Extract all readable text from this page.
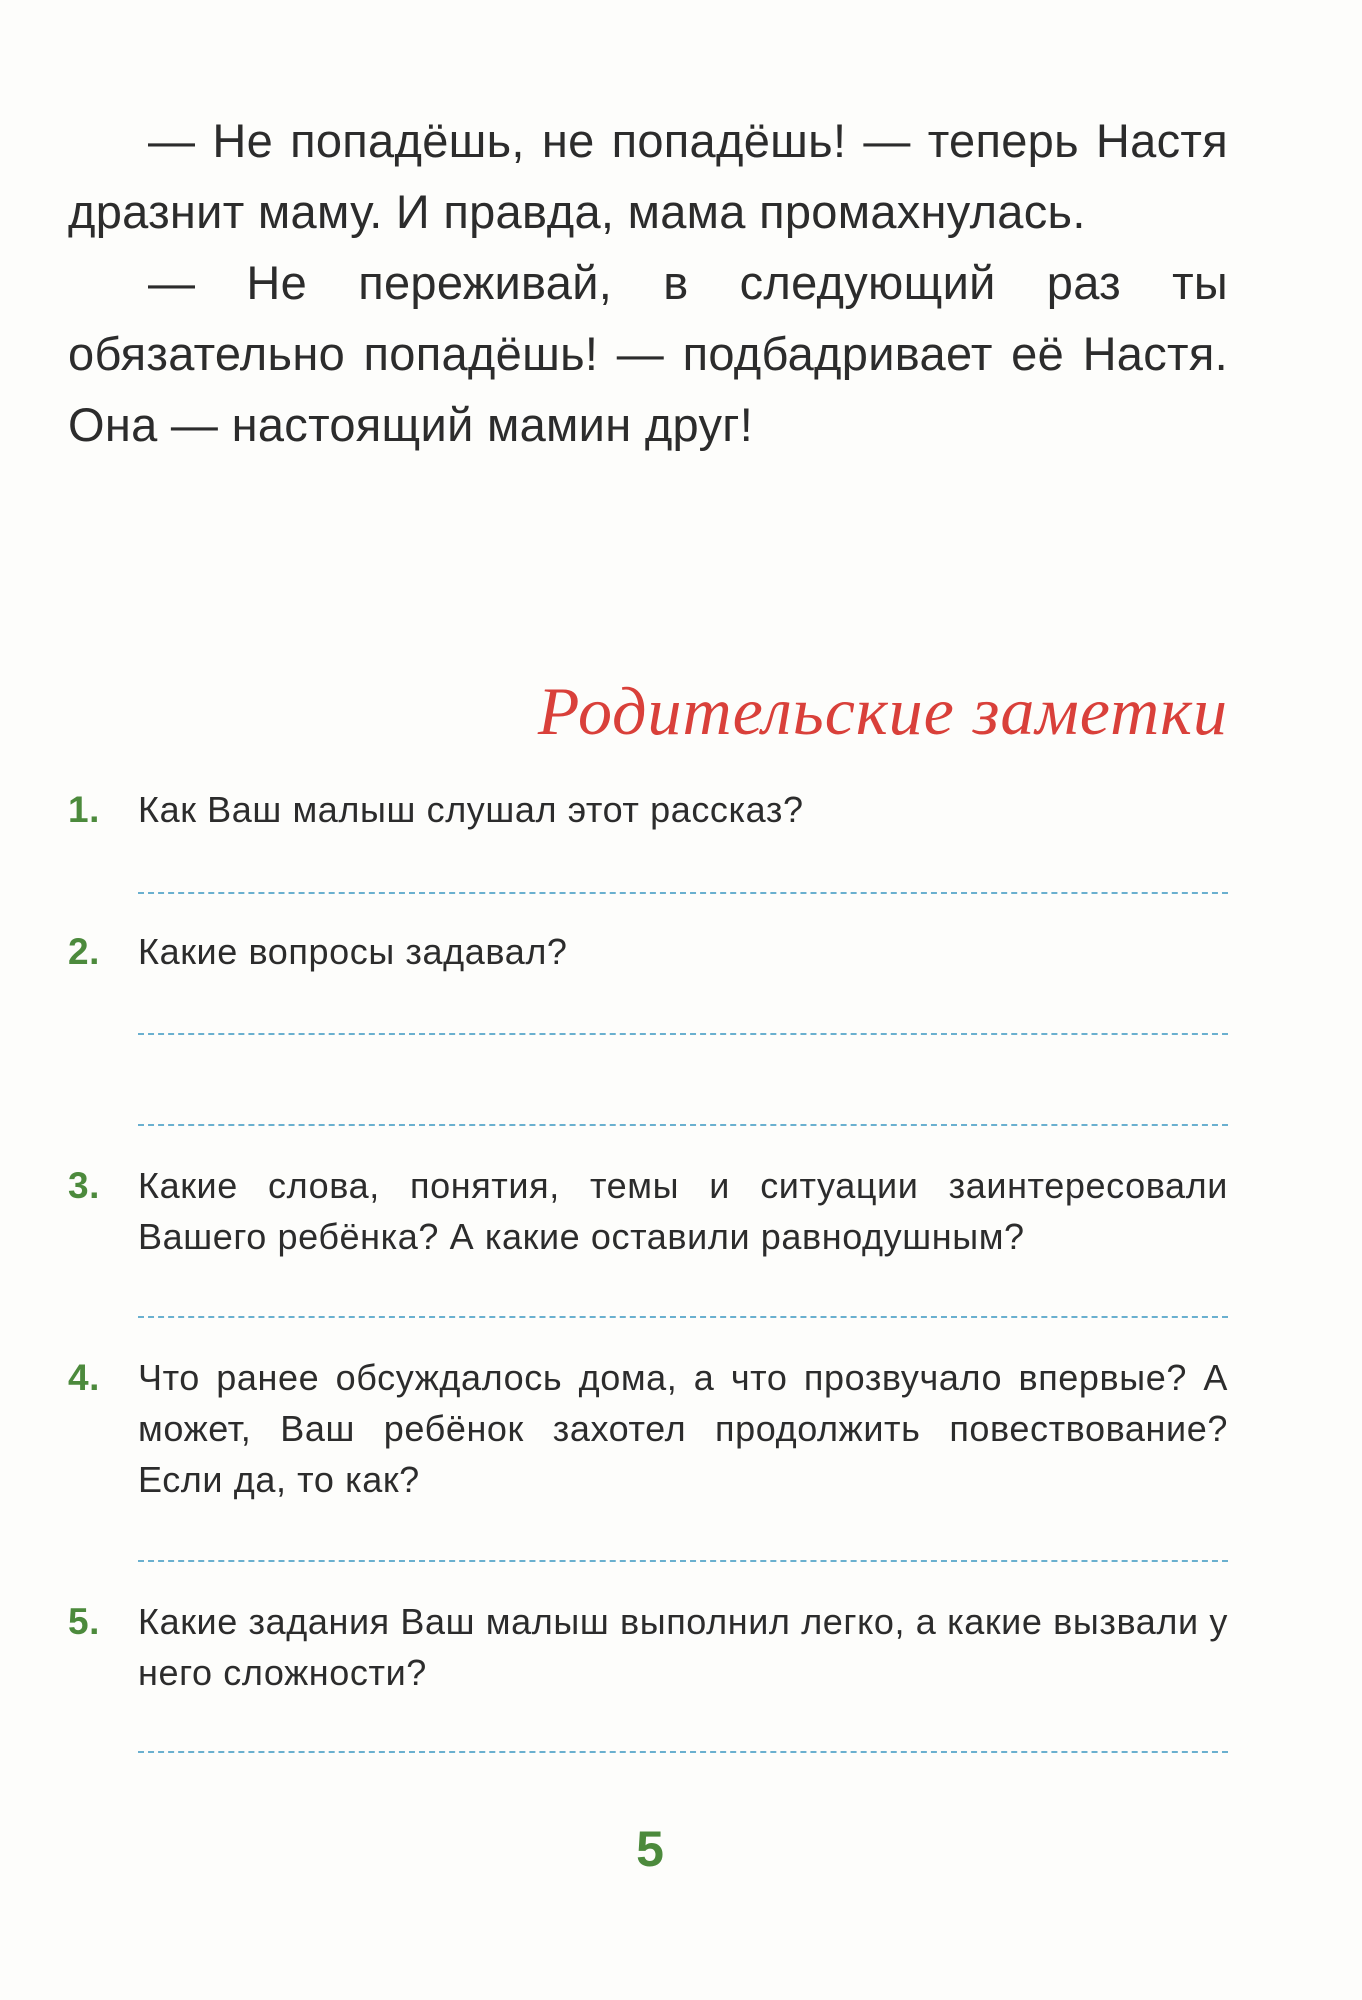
— Не попадёшь, не попадёшь! — теперь Настя дразнит маму. И правда, мама промахнулась.

— Не переживай, в следующий раз ты обязательно попадёшь! — подбадривает её Настя. Она — настоящий мамин друг!

Родительские заметки
1. Как Ваш малыш слушал этот рассказ?
2. Какие вопросы задавал?
3. Какие слова, понятия, темы и ситуации заинтересовали Вашего ребёнка? А какие оставили равнодушным?
4. Что ранее обсуждалось дома, а что прозвучало впервые? А может, Ваш ребёнок захотел продолжить повествование? Если да, то как?
5. Какие задания Ваш малыш выполнил легко, а какие вызвали у него сложности?
5
